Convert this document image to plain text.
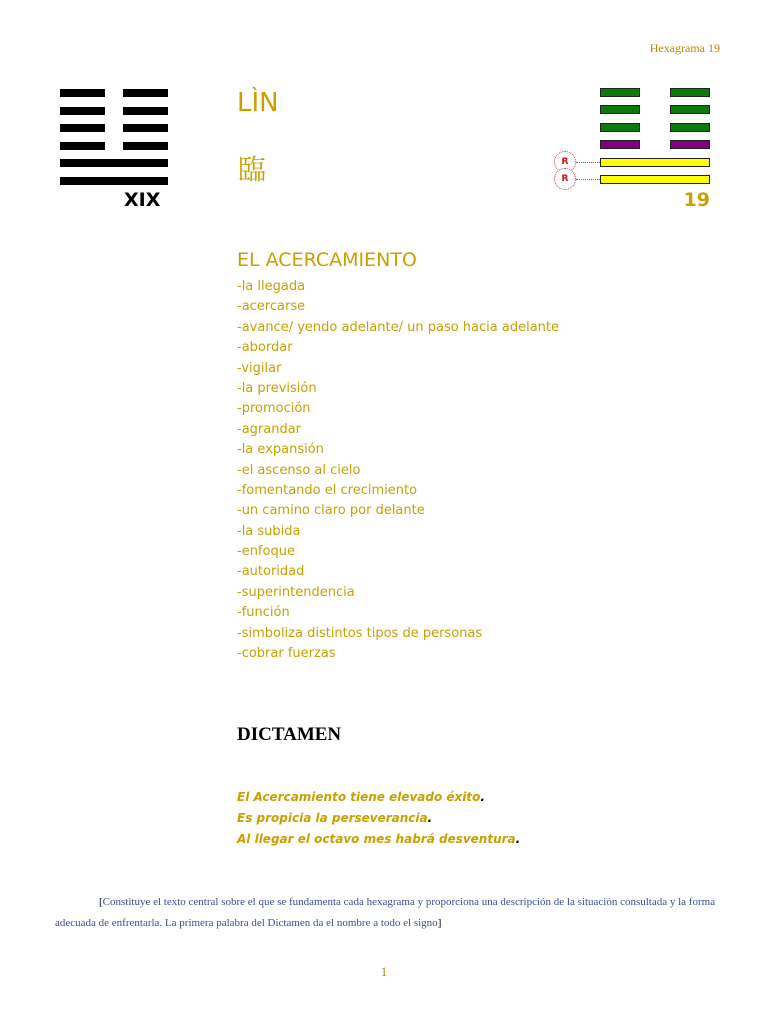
Hexagrama 19
LÌN
臨
XIX	19
EL ACERCAMIENTO
-la llegada
-acercarse
-avance/ yendo adelante/ un paso hacia adelante
-abordar
-vigilar
-la previsión
-promoción
-agrandar
-la expansión
-el ascenso al cielo
-fomentando el crecimiento
-un camino claro por delante
-la subida
-enfoque
-autoridad
-superintendencia
-función
-simboliza distintos tipos de personas
-cobrar fuerzas
DICTAMEN
El Acercamiento tiene elevado éxito.
Es propicia la perseverancia.
Al llegar el octavo mes habrá desventura.
[Constituye el texto central sobre el que se fundamenta cada hexagrama y proporciona una descripción de la situación consultada y la forma adecuada de enfrentarla. La primera palabra del Dictamen da el nombre a todo el signo]
1
R
R
